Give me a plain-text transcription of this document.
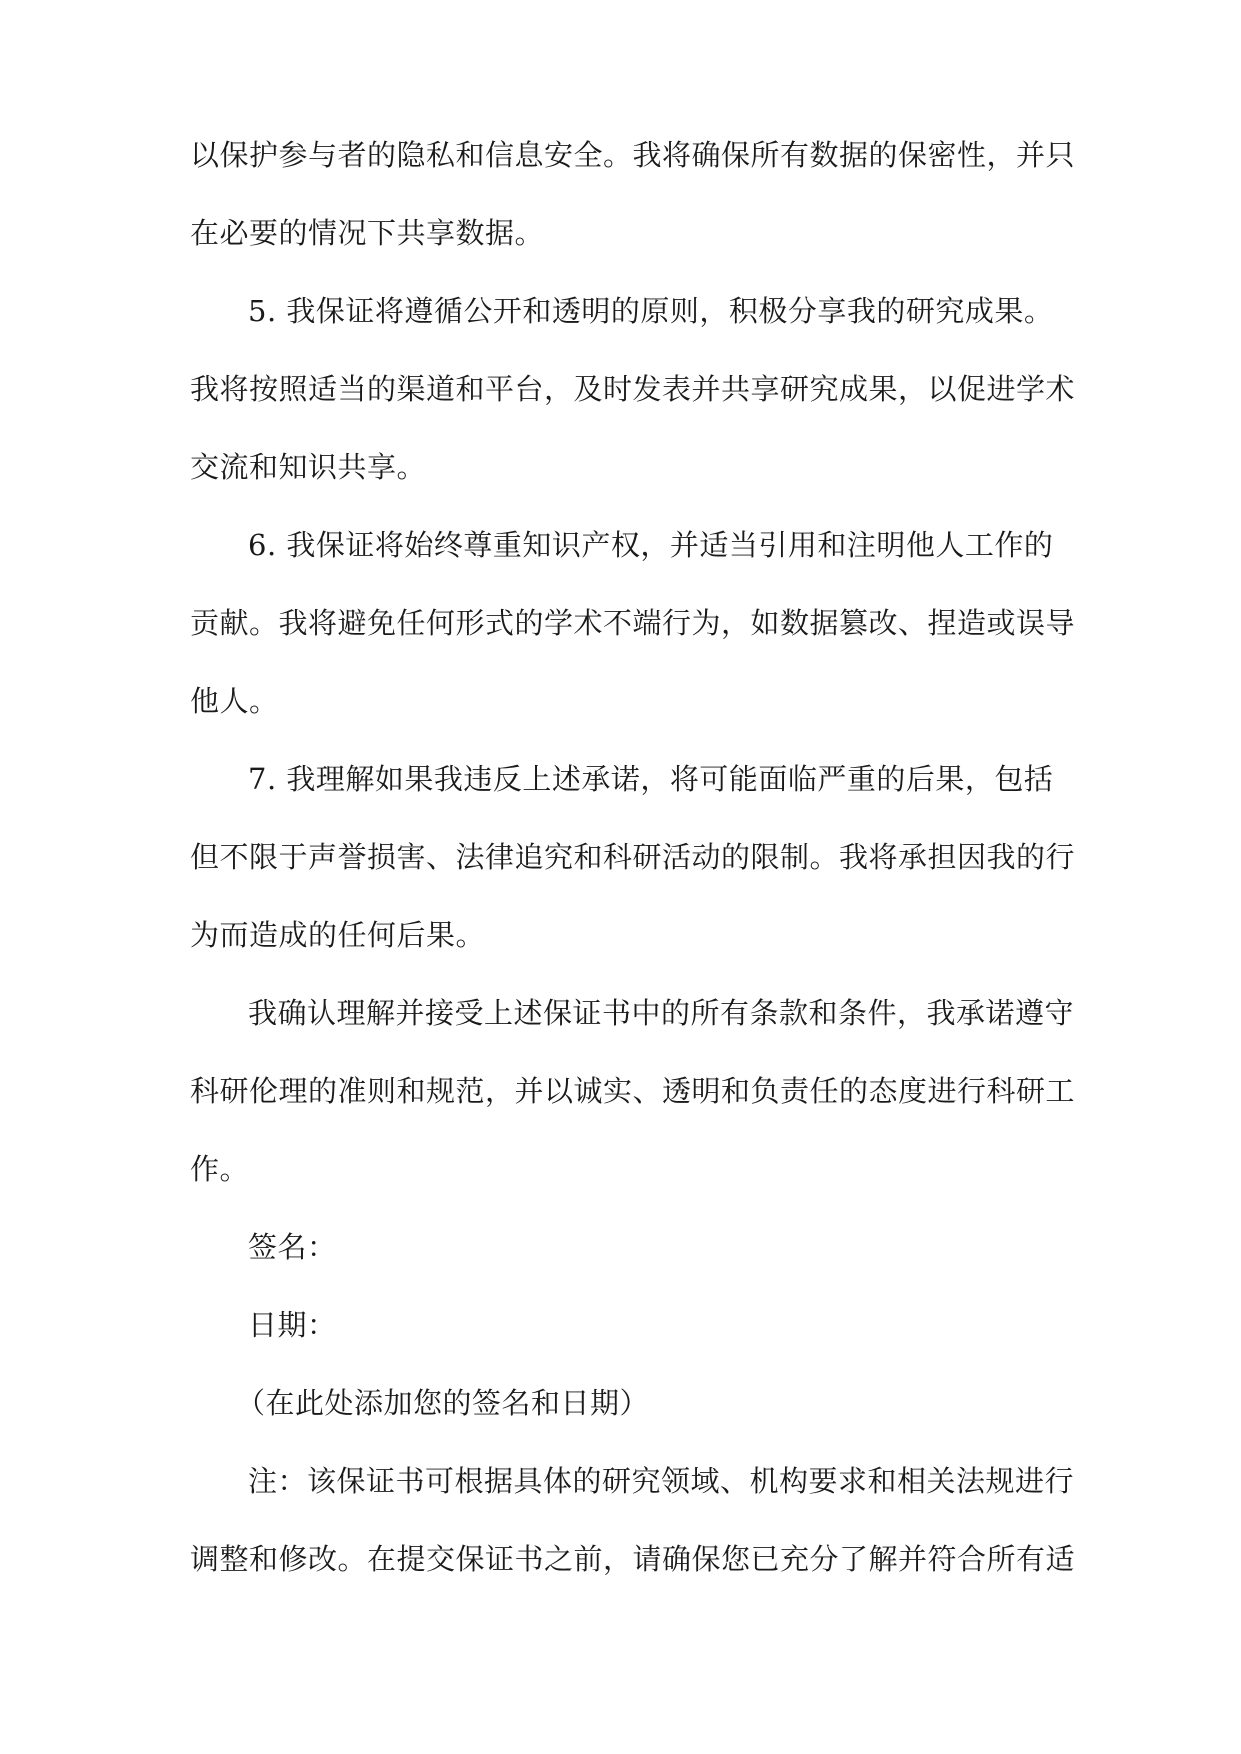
以保护参与者的隐私和信息安全。我将确保所有数据的保密性，并只
在必要的情况下共享数据。

5. 我保证将遵循公开和透明的原则，积极分享我的研究成果。
我将按照适当的渠道和平台，及时发表并共享研究成果，以促进学术
交流和知识共享。

6. 我保证将始终尊重知识产权，并适当引用和注明他人工作的
贡献。我将避免任何形式的学术不端行为，如数据篡改、捏造或误导
他人。

7. 我理解如果我违反上述承诺，将可能面临严重的后果，包括
但不限于声誉损害、法律追究和科研活动的限制。我将承担因我的行
为而造成的任何后果。

我确认理解并接受上述保证书中的所有条款和条件，我承诺遵守
科研伦理的准则和规范，并以诚实、透明和负责任的态度进行科研工
作。

签名：

日期：

（在此处添加您的签名和日期）

注：该保证书可根据具体的研究领域、机构要求和相关法规进行
调整和修改。在提交保证书之前，请确保您已充分了解并符合所有适
